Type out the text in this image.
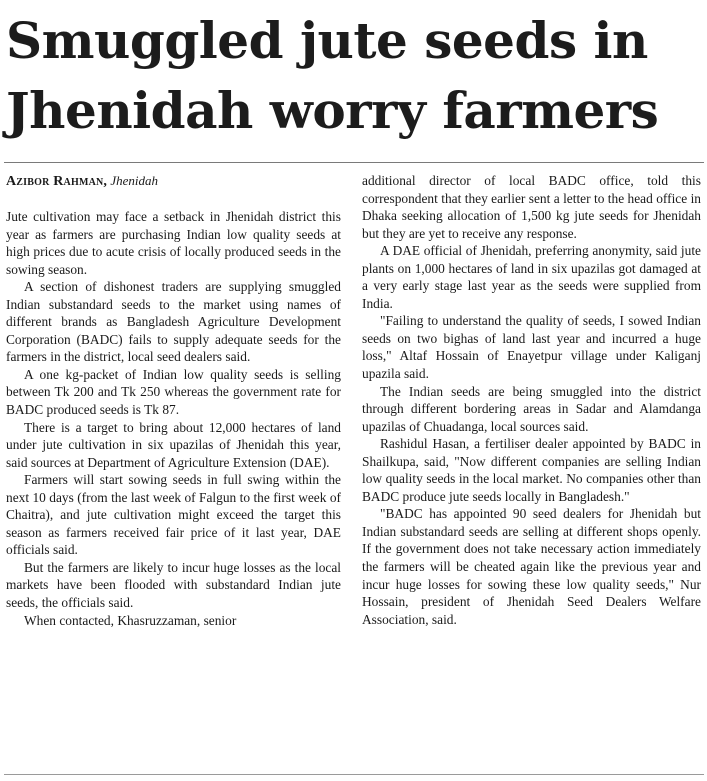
Smuggled jute seeds in
Jhenidah worry farmers
Azibor Rahman, Jhenidah

Jute cultivation may face a setback in Jhenidah district this year as farmers are purchasing Indian low quality seeds at high prices due to acute crisis of locally produced seeds in the sowing season.

A section of dishonest traders are supplying smuggled Indian substandard seeds to the market using names of different brands as Bangladesh Agriculture Development Corporation (BADC) fails to supply adequate seeds for the farmers in the district, local seed dealers said.

A one kg-packet of Indian low quality seeds is selling between Tk 200 and Tk 250 whereas the government rate for BADC produced seeds is Tk 87.

There is a target to bring about 12,000 hectares of land under jute cultivation in six upazilas of Jhenidah this year, said sources at Department of Agriculture Extension (DAE).

Farmers will start sowing seeds in full swing within the next 10 days (from the last week of Falgun to the first week of Chaitra), and jute cultivation might exceed the target this season as farmers received fair price of it last year, DAE officials said.

But the farmers are likely to incur huge losses as the local markets have been flooded with substandard Indian jute seeds, the officials said.

When contacted, Khasruzzaman, senior

additional director of local BADC office, told this correspondent that they earlier sent a letter to the head office in Dhaka seeking allocation of 1,500 kg jute seeds for Jhenidah but they are yet to receive any response.

A DAE official of Jhenidah, preferring anonymity, said jute plants on 1,000 hectares of land in six upazilas got damaged at a very early stage last year as the seeds were supplied from India.

"Failing to understand the quality of seeds, I sowed Indian seeds on two bighas of land last year and incurred a huge loss," Altaf Hossain of Enayetpur village under Kaliganj upazila said.

The Indian seeds are being smuggled into the district through different bordering areas in Sadar and Alamdanga upazilas of Chuadanga, local sources said.

Rashidul Hasan, a fertiliser dealer appointed by BADC in Shailkupa, said, "Now different companies are selling Indian low quality seeds in the local market. No companies other than BADC produce jute seeds locally in Bangladesh."

"BADC has appointed 90 seed dealers for Jhenidah but Indian substandard seeds are selling at different shops openly. If the government does not take necessary action immediately the farmers will be cheated again like the previous year and incur huge losses for sowing these low quality seeds," Nur Hossain, president of Jhenidah Seed Dealers Welfare Association, said.
